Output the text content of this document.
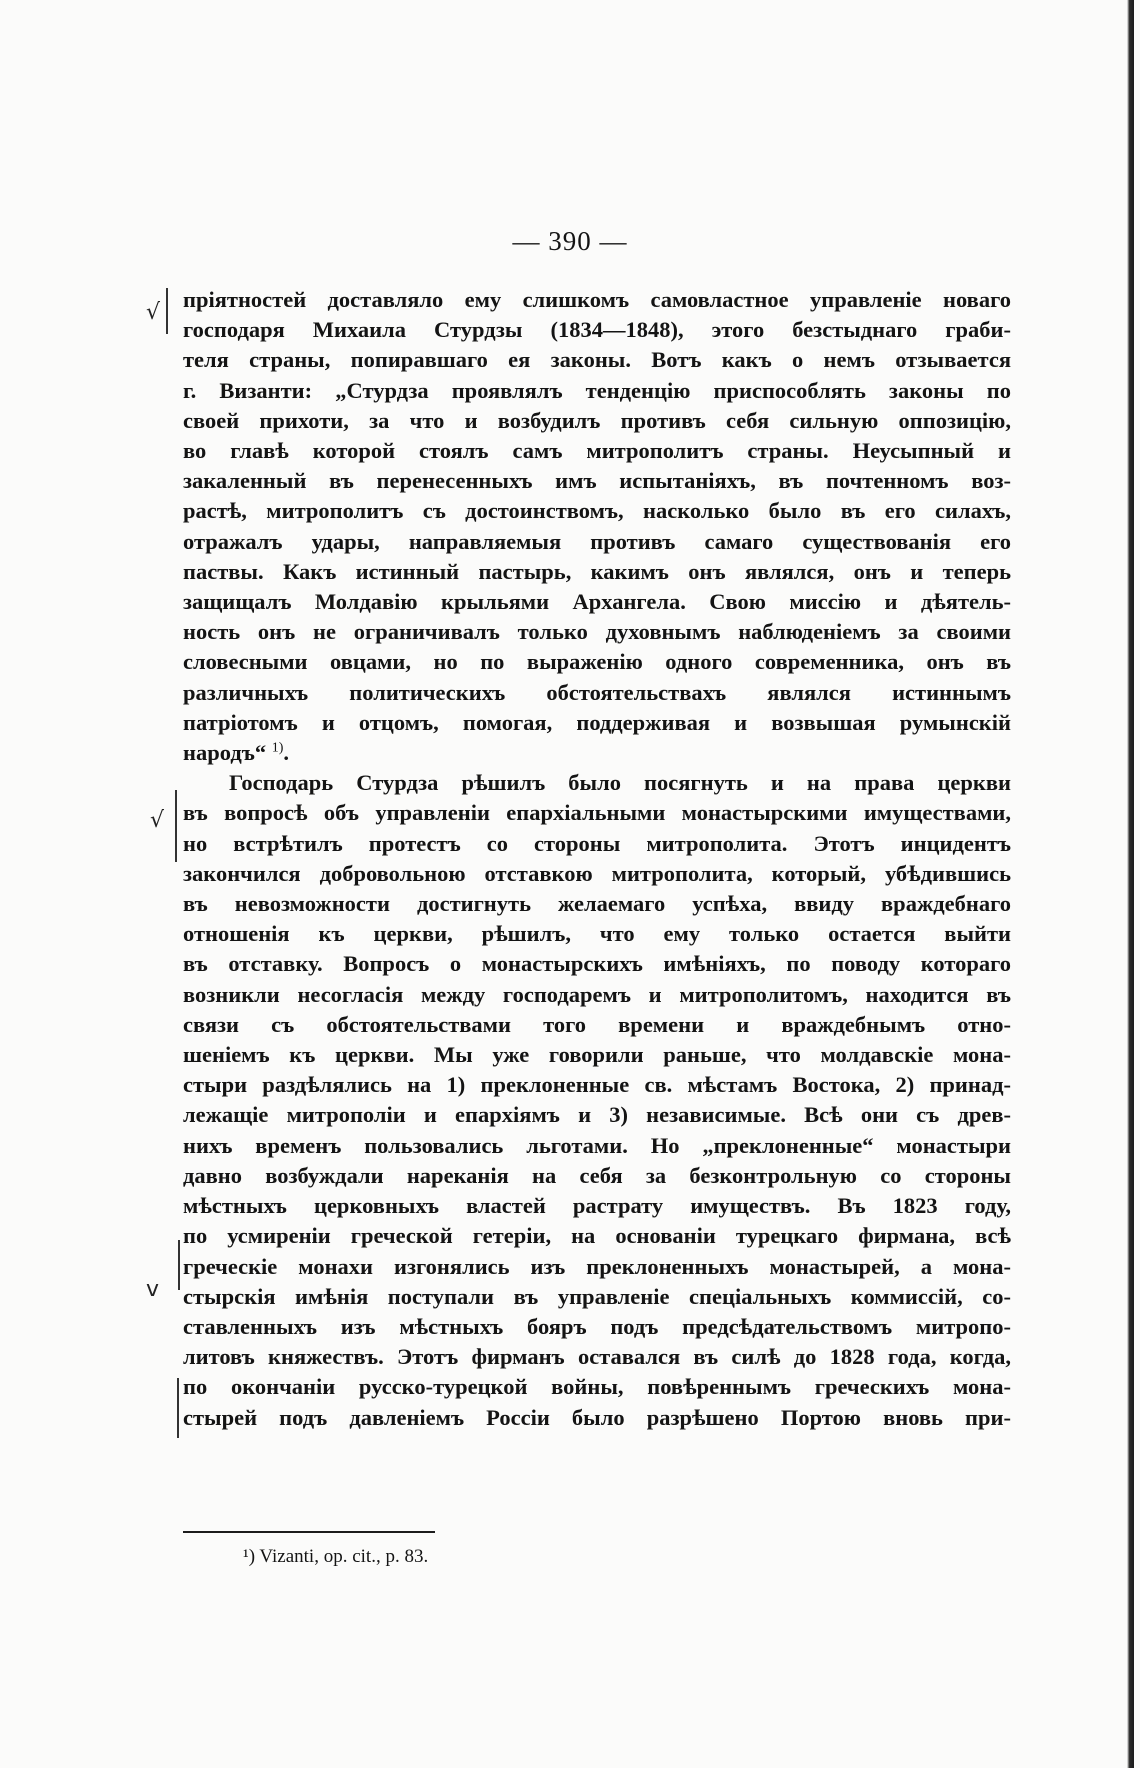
— 390 —
√
√
v
пріятностей доставляло ему слишкомъ самовластное управленіе новаго
господаря Михаила Стурдзы (1834—1848), этого безстыднаго граби-
теля страны, попиравшаго ея законы. Вотъ какъ о немъ отзывается
г. Византи: „Стурдза проявлялъ тенденцію приспособлять законы по
своей прихоти, за что и возбудилъ противъ себя сильную оппозицію,
во главѣ которой стоялъ самъ митрополитъ страны. Неусыпный и
закаленный въ перенесенныхъ имъ испытаніяхъ, въ почтенномъ воз-
растѣ, митрополитъ съ достоинствомъ, насколько было въ его силахъ,
отражалъ удары, направляемыя противъ самаго существованія его
паствы. Какъ истинный пастырь, какимъ онъ являлся, онъ и теперь
защищалъ Молдавію крыльями Архангела. Свою миссію и дѣятель-
ность онъ не ограничивалъ только духовнымъ наблюденіемъ за своими
словесными овцами, но по выраженію одного современника, онъ въ
различныхъ политическихъ обстоятельствахъ являлся истиннымъ
патріотомъ и отцомъ, помогая, поддерживая и возвышая румынскій
народъ“ $^{1)}$.
Господарь Стурдза рѣшилъ было посягнуть и на права церкви
въ вопросѣ объ управленіи епархіальными монастырскими имуществами,
но встрѣтилъ протестъ со стороны митрополита. Этотъ инцидентъ
закончился добровольною отставкою митрополита, который, убѣдившись
въ невозможности достигнуть желаемаго успѣха, ввиду враждебнаго
отношенія къ церкви, рѣшилъ, что ему только остается выйти
въ отставку. Вопросъ о монастырскихъ имѣніяхъ, по поводу котораго
возникли несогласія между господаремъ и митрополитомъ, находится въ
связи съ обстоятельствами того времени и враждебнымъ отно-
шеніемъ къ церкви. Мы уже говорили раньше, что молдавскіе мона-
стыри раздѣлялись на 1) преклоненные св. мѣстамъ Востока, 2) принад-
лежащіе митрополіи и епархіямъ и 3) независимые. Всѣ они съ древ-
нихъ временъ пользовались льготами. Но „преклоненные“ монастыри
давно возбуждали нареканія на себя за безконтрольную со стороны
мѣстныхъ церковныхъ властей растрату имуществъ. Въ 1823 году,
по усмиреніи греческой гетеріи, на основаніи турецкаго фирмана, всѣ
греческіе монахи изгонялись изъ преклоненныхъ монастырей, а мона-
стырскія имѣнія поступали въ управленіе спеціальныхъ коммиссій, со-
ставленныхъ изъ мѣстныхъ бояръ подъ предсѣдательствомъ митропо-
литовъ княжествъ. Этотъ фирманъ оставался въ силѣ до 1828 года, когда,
по окончаніи русско-турецкой войны, повѣреннымъ греческихъ мона-
стырей подъ давленіемъ Россіи было разрѣшено Портою вновь при-
¹) Vizanti, op. cit., p. 83.
